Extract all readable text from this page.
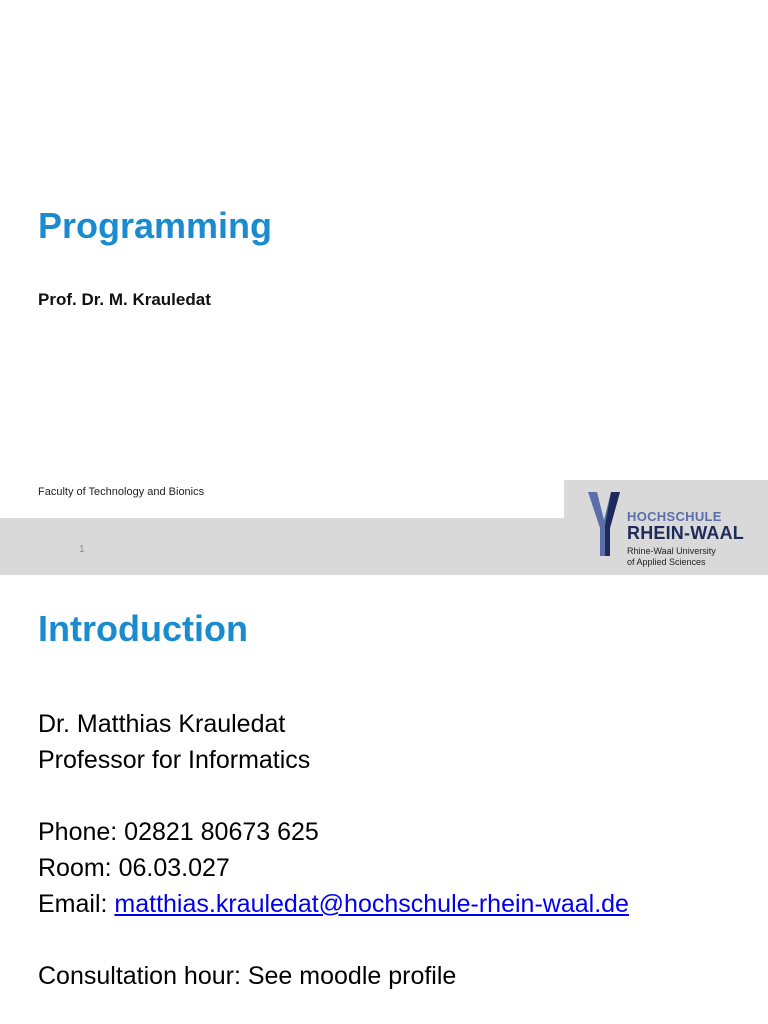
Programming

Prof. Dr. M. Krauledat

Faculty of Technology and Bionics

1
HOCHSCHULE
RHEIN-WAAL
Rhine-Waal University
of Applied Sciences
Introduction
Dr. Matthias Krauledat
Professor for Informatics
Phone: 02821 80673 625
Room: 06.03.027
Email: matthias.krauledat@hochschule-rhein-waal.de
Consultation hour: See moodle profile
